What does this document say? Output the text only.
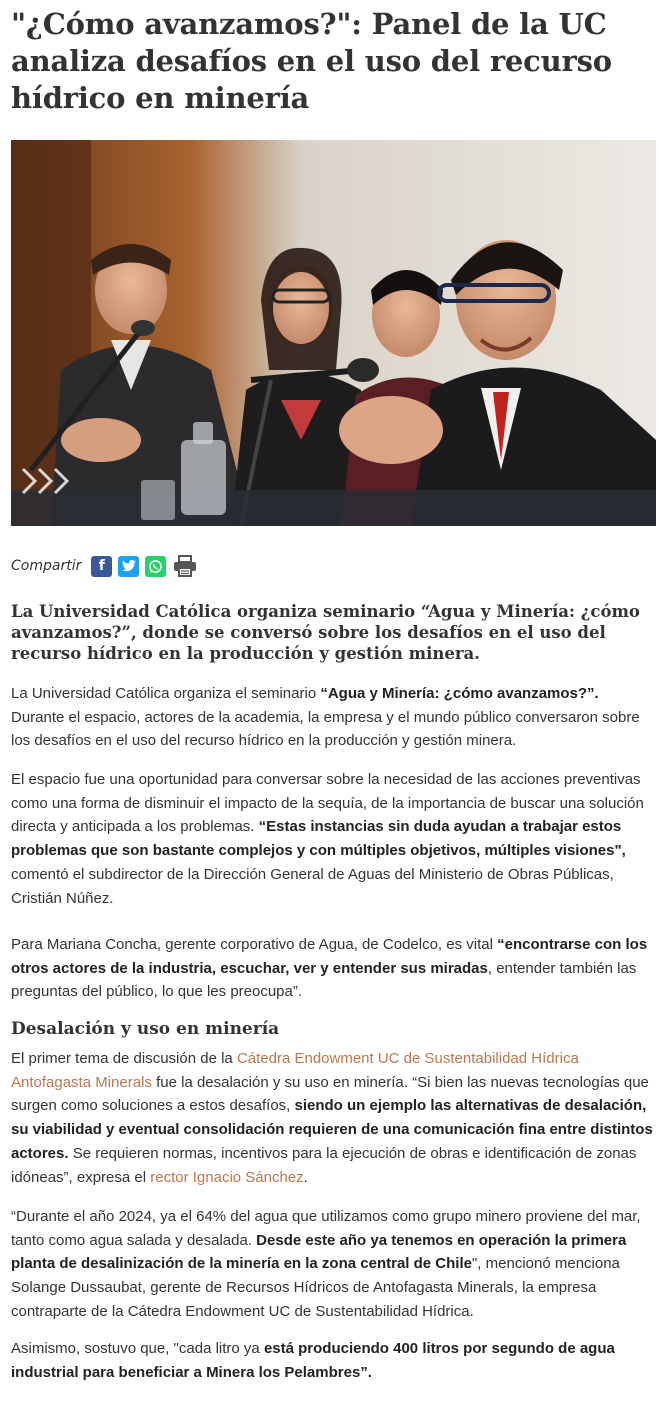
"¿Cómo avanzamos?": Panel de la UC analiza desafíos en el uso del recurso hídrico en minería
Compartir	f

La Universidad Católica organiza seminario “Agua y Minería: ¿cómo avanzamos?”, donde se conversó sobre los desafíos en el uso del recurso hídrico en la producción y gestión minera.

La Universidad Católica organiza el seminario “Agua y Minería: ¿cómo avanzamos?”. Durante el espacio, actores de la academia, la empresa y el mundo público conversaron sobre los desafíos en el uso del recurso hídrico en la producción y gestión minera.

El espacio fue una oportunidad para conversar sobre la necesidad de las acciones preventivas como una forma de disminuir el impacto de la sequía, de la importancia de buscar una solución directa y anticipada a los problemas. “Estas instancias sin duda ayudan a trabajar estos problemas que son bastante complejos y con múltiples objetivos, múltiples visiones", comentó el subdirector de la Dirección General de Aguas del Ministerio de Obras Públicas, Cristián Núñez.

Para Mariana Concha, gerente corporativo de Agua, de Codelco, es vital “encontrarse con los otros actores de la industria, escuchar, ver y entender sus miradas, entender también las preguntas del público, lo que les preocupa”.

Desalación y uso en minería

El primer tema de discusión de la Cátedra Endowment UC de Sustentabilidad Hídrica Antofagasta Minerals fue la desalación y su uso en minería. “Si bien las nuevas tecnologías que surgen como soluciones a estos desafíos, siendo un ejemplo las alternativas de desalación, su viabilidad y eventual consolidación requieren de una comunicación fina entre distintos actores. Se requieren normas, incentivos para la ejecución de obras e identificación de zonas idóneas”, expresa el rector Ignacio Sánchez.

“Durante el año 2024, ya el 64% del agua que utilizamos como grupo minero proviene del mar, tanto como agua salada y desalada. Desde este año ya tenemos en operación la primera planta de desalinización de la minería en la zona central de Chile", mencionó menciona Solange Dussaubat, gerente de Recursos Hídricos de Antofagasta Minerals, la empresa contraparte de la Cátedra Endowment UC de Sustentabilidad Hídrica.

Asimismo, sostuvo que, "cada litro ya está produciendo 400 litros por segundo de agua industrial para beneficiar a Minera los Pelambres”.
